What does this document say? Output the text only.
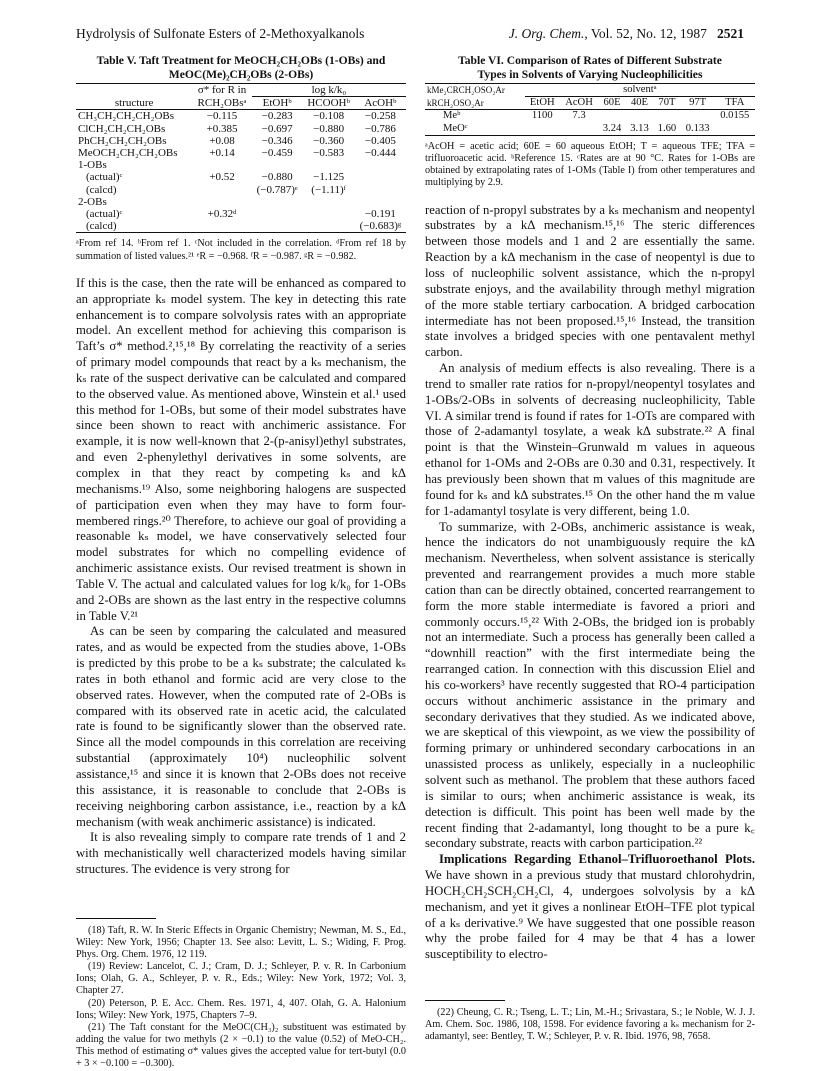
Hydrolysis of Sulfonate Esters of 2-Methoxyalkanols	J. Org. Chem., Vol. 52, No. 12, 1987 2521
Table V. Taft Treatment for MeOCH₂CH₂OBs (1-OBs) and
MeOC(Me)₂CH₂OBs (2-OBs)
	σ* for R in	log k/k₀		
structure	RCH₂OBsᵃ	EtOHᵇ	HCOOHᵇ	AcOHᵇ
CH₃CH₂CH₂CH₂OBs	−0.115	−0.283	−0.108	−0.258
ClCH₂CH₂CH₂OBs	+0.385	−0.697	−0.880	−0.786
PhCH₂CH₂CH₂OBs	+0.08	−0.346	−0.360	−0.405
MeOCH₂CH₂CH₂OBs	+0.14	−0.459	−0.583	−0.444
1-OBs				
(actual)ᶜ	+0.52	−0.880	−1.125	
(calcd)		(−0.787)ᵉ	(−1.11)ᶠ	
2-OBs				
(actual)ᶜ	+0.32ᵈ			−0.191
(calcd)				(−0.683)ᵍ
ᵃFrom ref 14. ᵇFrom ref 1. ᶜNot included in the correlation. ᵈFrom ref 18 by summation of listed values.²¹ ᵉR = −0.968. ᶠR = −0.987. ᵍR = −0.982.

If this is the case, then the rate will be enhanced as compared to an appropriate kₛ model system. The key in detecting this rate enhancement is to compare solvolysis rates with an appropriate model. An excellent method for achieving this comparison is Taft’s σ* method.²,¹⁵,¹⁸ By correlating the reactivity of a series of primary model compounds that react by a kₛ mechanism, the kₛ rate of the suspect derivative can be calculated and compared to the observed value. As mentioned above, Winstein et al.¹ used this method for 1-OBs, but some of their model substrates have since been shown to react with anchimeric assistance. For example, it is now well-known that 2-(p-anisyl)ethyl substrates, and even 2-phenylethyl derivatives in some solvents, are complex in that they react by competing kₛ and kΔ mechanisms.¹⁹ Also, some neighboring halogens are suspected of participation even when they may have to form four-membered rings.²⁰ Therefore, to achieve our goal of providing a reasonable kₛ model, we have conservatively selected four model substrates for which no compelling evidence of anchimeric assistance exists. Our revised treatment is shown in Table V. The actual and calculated values for log k/k₀ for 1-OBs and 2-OBs are shown as the last entry in the respective columns in Table V.²¹

As can be seen by comparing the calculated and measured rates, and as would be expected from the studies above, 1-OBs is predicted by this probe to be a kₛ substrate; the calculated kₛ rates in both ethanol and formic acid are very close to the observed rates. However, when the computed rate of 2-OBs is compared with its observed rate in acetic acid, the calculated rate is found to be significantly slower than the observed rate. Since all the model compounds in this correlation are receiving substantial (approximately 10⁴) nucleophilic solvent assistance,¹⁵ and since it is known that 2-OBs does not receive this assistance, it is reasonable to conclude that 2-OBs is receiving neighboring carbon assistance, i.e., reaction by a kΔ mechanism (with weak anchimeric assistance) is indicated.

It is also revealing simply to compare rate trends of 1 and 2 with mechanistically well characterized models having similar structures. The evidence is very strong for

Table VI. Comparison of Rates of Different Substrate
Types in Solvents of Varying Nucleophilicities
kMe₂CRCH₂OSO₂Ar	solventᵃ						
kRCH₂OSO₂Ar	EtOH	AcOH	60E	40E	70T	97T	TFA
Meᵇ	1100	7.3					0.0155
MeOᶜ			3.24	3.13	1.60	0.133	
ᵃAcOH = acetic acid; 60E = 60 aqueous EtOH; T = aqueous TFE; TFA = trifluoroacetic acid. ᵇReference 15. ᶜRates are at 90 °C. Rates for 1-OBs are obtained by extrapolating rates of 1-OMs (Table I) from other temperatures and multiplying by 2.9.

reaction of n-propyl substrates by a kₛ mechanism and neopentyl substrates by a kΔ mechanism.¹⁵,¹⁶ The steric differences between those models and 1 and 2 are essentially the same. Reaction by a kΔ mechanism in the case of neopentyl is due to loss of nucleophilic solvent assistance, which the n-propyl substrate enjoys, and the availability through methyl migration of the more stable tertiary carbocation. A bridged carbocation intermediate has not been proposed.¹⁵,¹⁶ Instead, the transition state involves a bridged species with one pentavalent methyl carbon.

An analysis of medium effects is also revealing. There is a trend to smaller rate ratios for n-propyl/neopentyl tosylates and 1-OBs/2-OBs in solvents of decreasing nucleophilicity, Table VI. A similar trend is found if rates for 1-OTs are compared with those of 2-adamantyl tosylate, a weak kΔ substrate.²² A final point is that the Winstein–Grunwald m values in aqueous ethanol for 1-OMs and 2-OBs are 0.30 and 0.31, respectively. It has previously been shown that m values of this magnitude are found for kₛ and kΔ substrates.¹⁵ On the other hand the m value for 1-adamantyl tosylate is very different, being 1.0.

To summarize, with 2-OBs, anchimeric assistance is weak, hence the indicators do not unambiguously require the kΔ mechanism. Nevertheless, when solvent assistance is sterically prevented and rearrangement provides a much more stable cation than can be directly obtained, concerted rearrangement to form the more stable intermediate is favored a priori and commonly occurs.¹⁵,²² With 2-OBs, the bridged ion is probably not an intermediate. Such a process has generally been called a “downhill reaction” with the first intermediate being the rearranged cation. In connection with this discussion Eliel and his co-workers³ have recently suggested that RO-4 participation occurs without anchimeric assistance in the primary and secondary derivatives that they studied. As we indicated above, we are skeptical of this viewpoint, as we view the possibility of forming primary or unhindered secondary carbocations in an unassisted process as unlikely, especially in a nucleophilic solvent such as methanol. The problem that these authors faced is similar to ours; when anchimeric assistance is weak, its detection is difficult. This point has been well made by the recent finding that 2-adamantyl, long thought to be a pure k꜀ secondary substrate, reacts with carbon participation.²²

Implications Regarding Ethanol–Trifluoroethanol Plots. We have shown in a previous study that mustard chlorohydrin, HOCH₂CH₂SCH₂CH₂Cl, 4, undergoes solvolysis by a kΔ mechanism, and yet it gives a nonlinear EtOH–TFE plot typical of a kₛ derivative.⁹ We have suggested that one possible reason why the probe failed for 4 may be that 4 has a lower susceptibility to electro-

(18) Taft, R. W. In Steric Effects in Organic Chemistry; Newman, M. S., Ed., Wiley: New York, 1956; Chapter 13. See also: Levitt, L. S.; Widing, F. Prog. Phys. Org. Chem. 1976, 12 119.

(19) Review: Lancelot, C. J.; Cram, D. J.; Schleyer, P. v. R. In Carbonium Ions; Olah, G. A., Schleyer, P. v. R., Eds.; Wiley: New York, 1972; Vol. 3, Chapter 27.

(20) Peterson, P. E. Acc. Chem. Res. 1971, 4, 407. Olah, G. A. Halonium Ions; Wiley: New York, 1975, Chapters 7–9.

(21) The Taft constant for the MeOC(CH₃)₂ substituent was estimated by adding the value for two methyls (2 × −0.1) to the value (0.52) of MeO-CH₂. This method of estimating σ* values gives the accepted value for tert-butyl (0.0 + 3 × −0.100 = −0.300).

(22) Cheung, C. R.; Tseng, L. T.; Lin, M.-H.; Srivastara, S.; le Noble, W. J. J. Am. Chem. Soc. 1986, 108, 1598. For evidence favoring a kₛ mechanism for 2-adamantyl, see: Bentley, T. W.; Schleyer, P. v. R. Ibid. 1976, 98, 7658.
